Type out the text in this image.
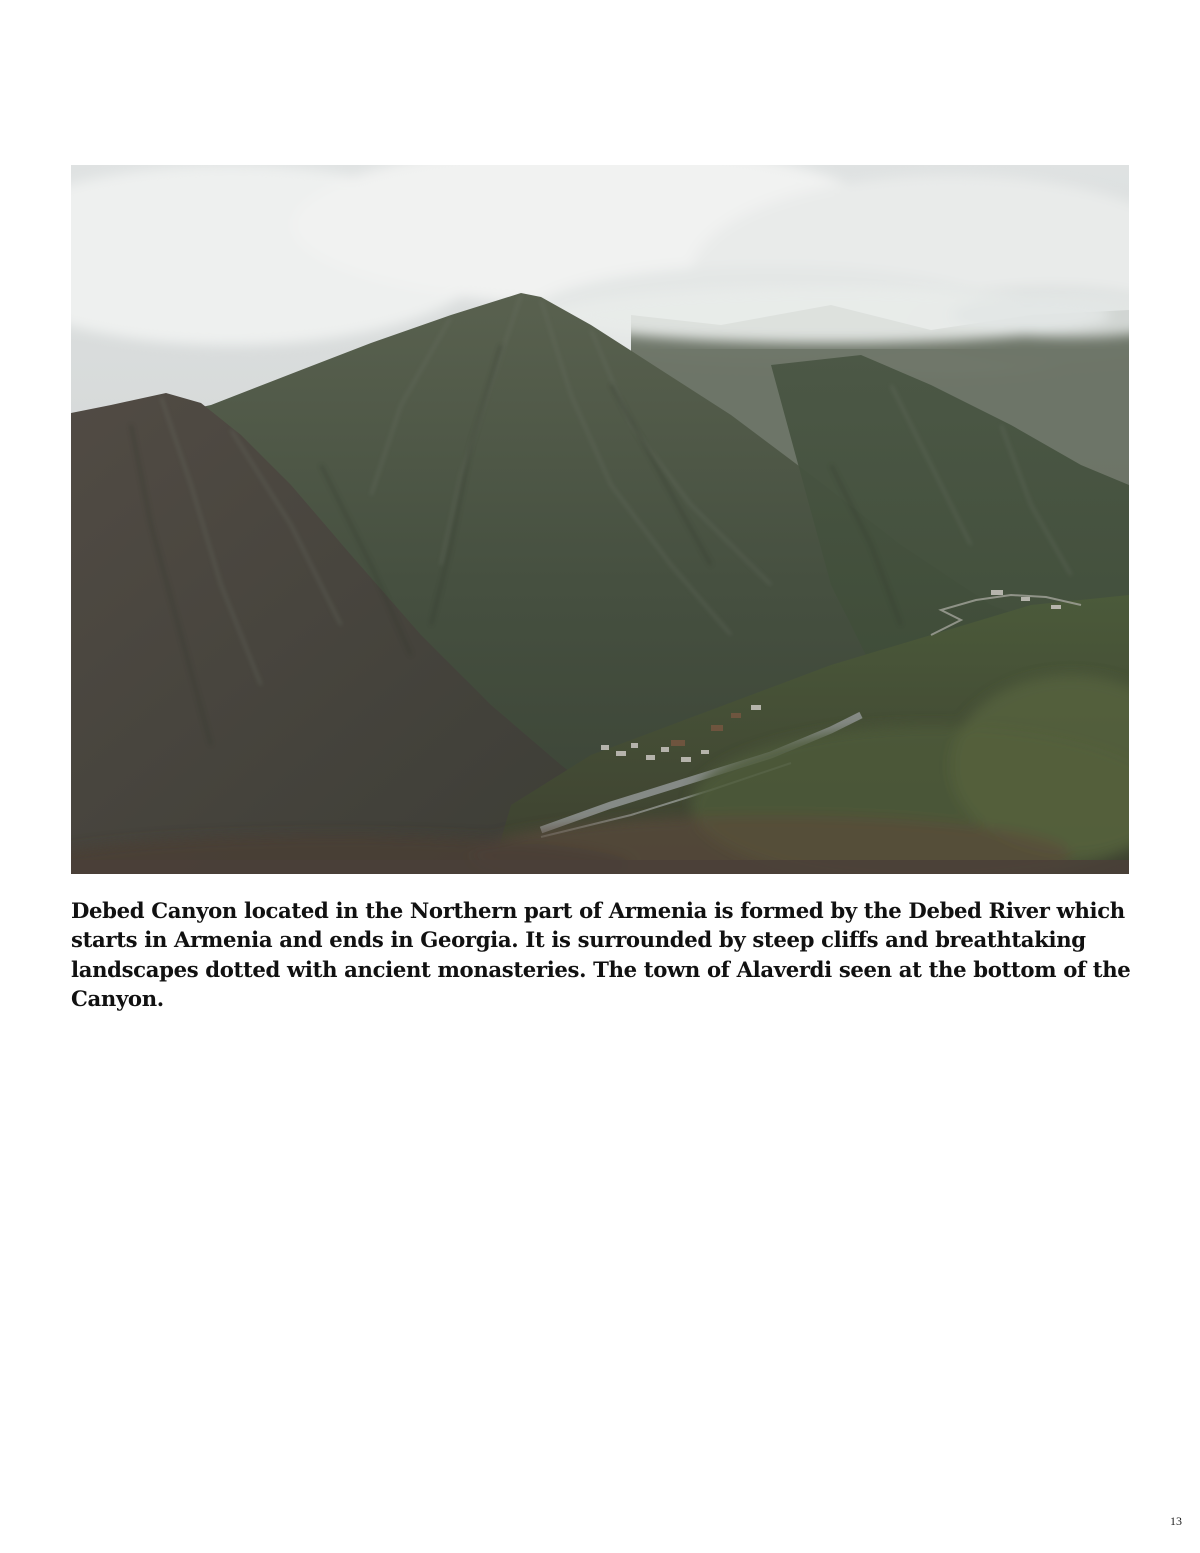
Debed Canyon located in the Northern part of Armenia is formed by the Debed River which starts in Armenia and ends in Georgia. It is surrounded by steep cliffs and breathtaking landscapes dotted with ancient monasteries. The town of Alaverdi seen at the bottom of the Canyon.

13
